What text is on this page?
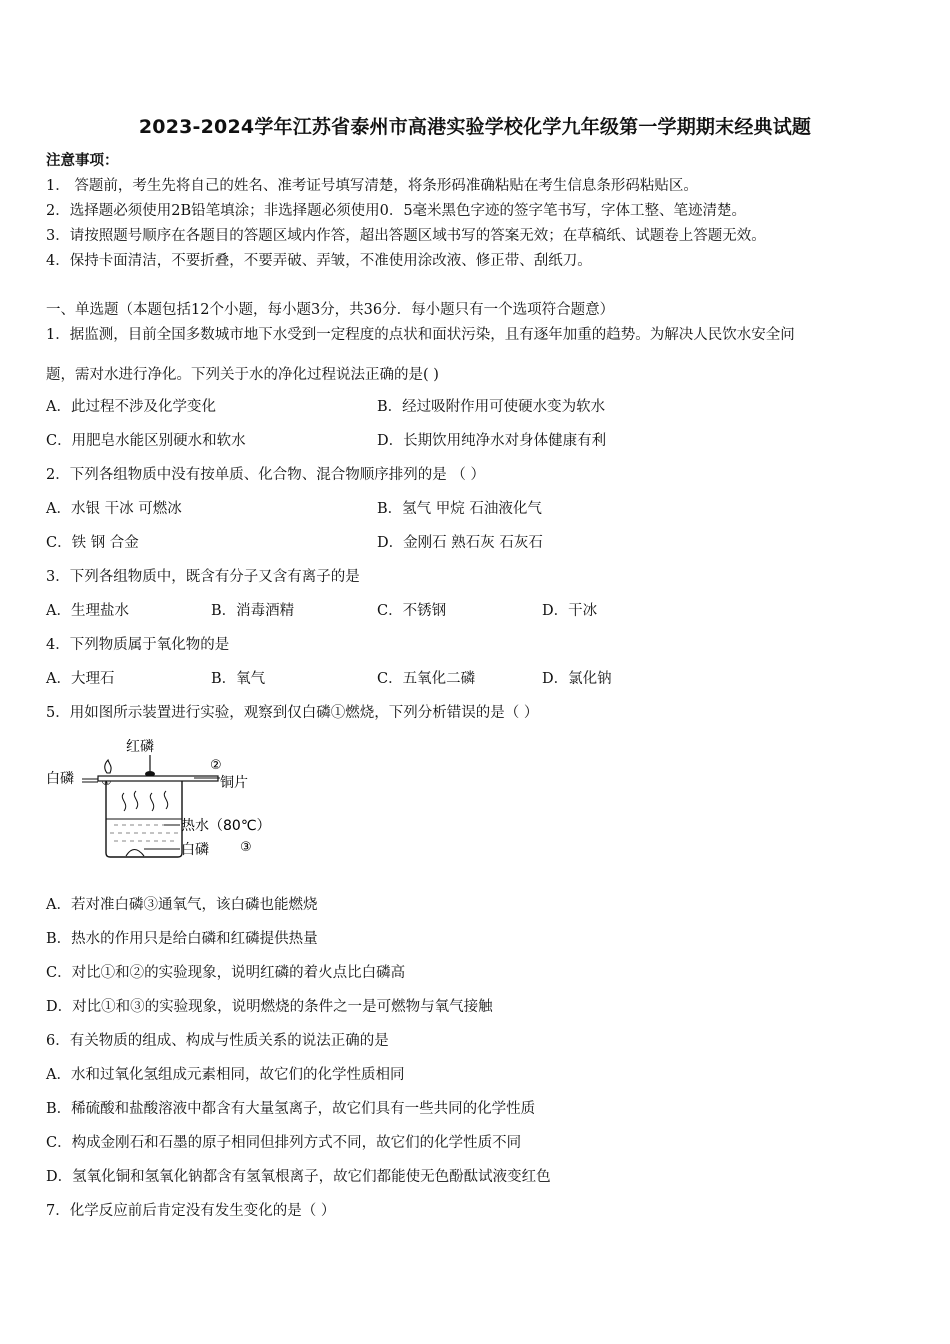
2023-2024学年江苏省泰州市高港实验学校化学九年级第一学期期末经典试题
注意事项：
1． 答题前，考生先将自己的姓名、准考证号填写清楚，将条形码准确粘贴在考生信息条形码粘贴区。
2．选择题必须使用2B铅笔填涂；非选择题必须使用0．5毫米黑色字迹的签字笔书写，字体工整、笔迹清楚。
3．请按照题号顺序在各题目的答题区域内作答，超出答题区域书写的答案无效；在草稿纸、试题卷上答题无效。
4．保持卡面清洁，不要折叠，不要弄破、弄皱，不准使用涂改液、修正带、刮纸刀。
一、单选题（本题包括12个小题，每小题3分，共36分．每小题只有一个选项符合题意）
1．据监测，目前全国多数城市地下水受到一定程度的点状和面状污染，且有逐年加重的趋势。为解决人民饮水安全问
题，需对水进行净化。下列关于水的净化过程说法正确的是( )
A．此过程不涉及化学变化	B．经过吸附作用可使硬水变为软水
C．用肥皂水能区别硬水和软水	D．长期饮用纯净水对身体健康有利
2．下列各组物质中没有按单质、化合物、混合物顺序排列的是 （ ）
A．水银 干冰 可燃冰	B．氢气 甲烷 石油液化气
C．铁 钢 合金	D．金刚石 熟石灰 石灰石
3．下列各组物质中，既含有分子又含有离子的是
A．生理盐水	B．消毒酒精	C．不锈钢	D．干冰
4．下列物质属于氧化物的是
A．大理石	B．氧气	C．五氧化二磷	D．氯化钠
5．用如图所示装置进行实验，观察到仅白磷①燃烧，下列分析错误的是（ ）
红磷
白磷
②
铜片
热水（80℃）
白磷 ③
A．若对准白磷③通氧气，该白磷也能燃烧
B．热水的作用只是给白磷和红磷提供热量
C．对比①和②的实验现象，说明红磷的着火点比白磷高
D．对比①和③的实验现象，说明燃烧的条件之一是可燃物与氧气接触
6．有关物质的组成、构成与性质关系的说法正确的是
A．水和过氧化氢组成元素相同，故它们的化学性质相同
B．稀硫酸和盐酸溶液中都含有大量氢离子，故它们具有一些共同的化学性质
C．构成金刚石和石墨的原子相同但排列方式不同，故它们的化学性质不同
D．氢氧化铜和氢氧化钠都含有氢氧根离子，故它们都能使无色酚酞试液变红色
7．化学反应前后肯定没有发生变化的是（ ）
